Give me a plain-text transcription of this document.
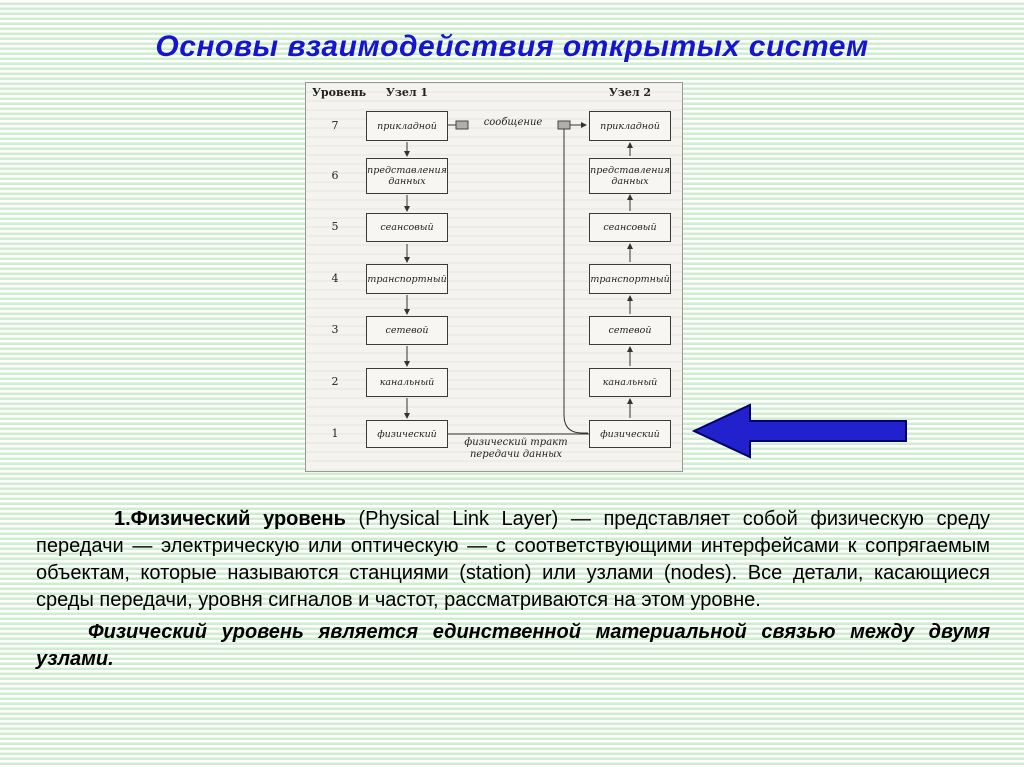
Основы взаимодействия открытых систем
Уровень	Узел 1	Узел 2
7
6
5
4
3
2
1
прикладной
представления данных
сеансовый
транспортный
сетевой
канальный
физический
прикладной
представления данных
сеансовый
транспортный
сетевой
канальный
физический
сообщение
физический тракт передачи данных

1.Физический уровень (Physical Link Layer) — представляет собой физическую среду передачи — электрическую или оптическую — с соответствующими интерфейсами к сопрягаемым объектам, которые называются станциями (station) или узлами (nodes). Все детали, касающиеся среды передачи, уровня сигналов и частот, рассматриваются на этом уровне.

Физический уровень является единственной материальной связью между двумя узлами.
